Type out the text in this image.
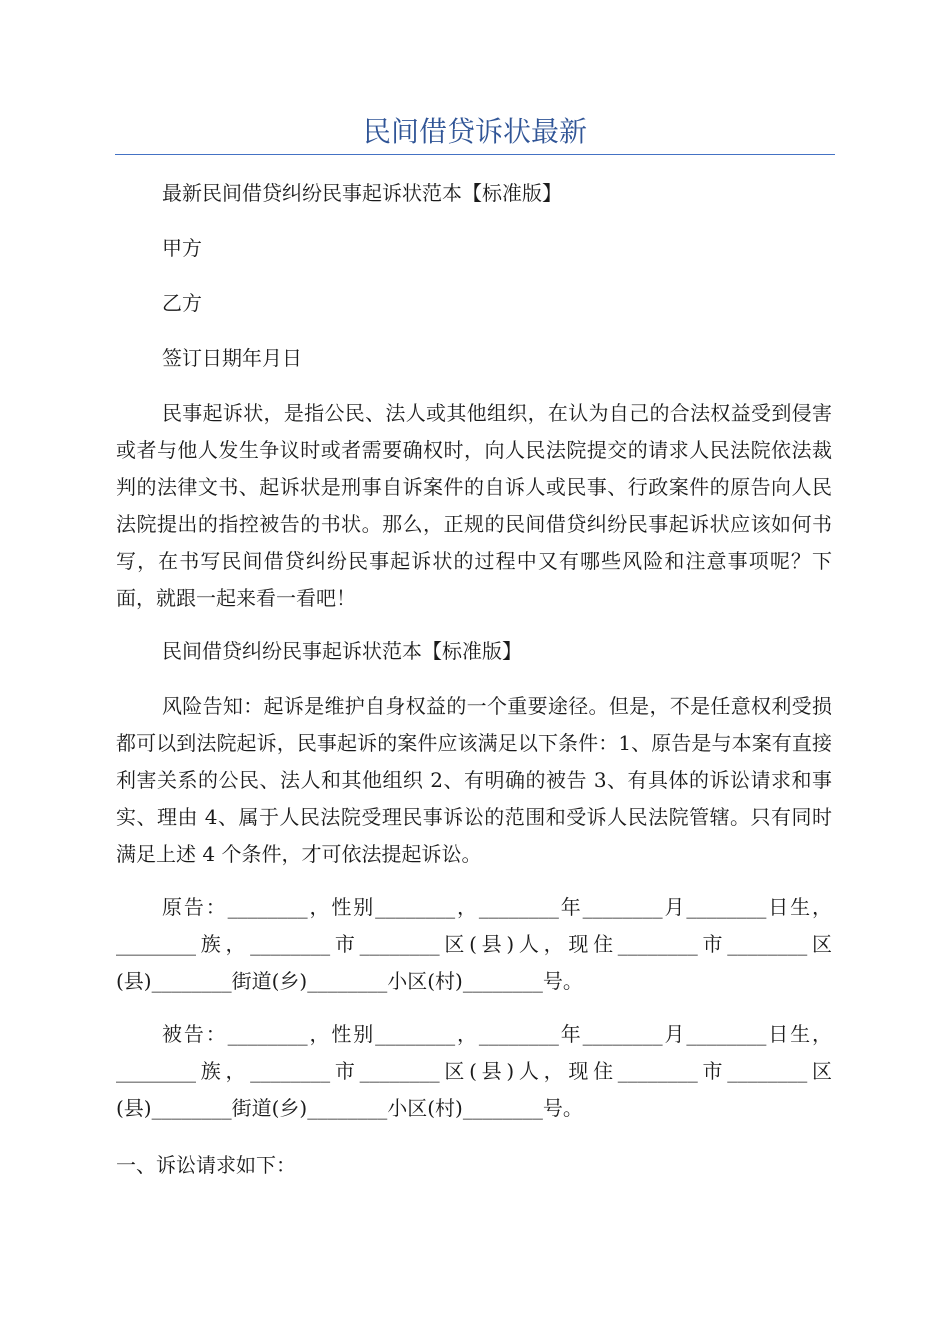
民间借贷诉状最新

最新民间借贷纠纷民事起诉状范本【标准版】

甲方

乙方

签订日期年月日

民事起诉状，是指公民、法人或其他组织，在认为自己的合法权益受到侵害或者与他人发生争议时或者需要确权时，向人民法院提交的请求人民法院依法裁判的法律文书、起诉状是刑事自诉案件的自诉人或民事、行政案件的原告向人民法院提出的指控被告的书状。那么，正规的民间借贷纠纷民事起诉状应该如何书写，在书写民间借贷纠纷民事起诉状的过程中又有哪些风险和注意事项呢？下面，就跟一起来看一看吧！

民间借贷纠纷民事起诉状范本【标准版】

风险告知：起诉是维护自身权益的一个重要途径。但是，不是任意权利受损都可以到法院起诉，民事起诉的案件应该满足以下条件：1、原告是与本案有直接利害关系的公民、法人和其他组织 2、有明确的被告 3、有具体的诉讼请求和事实、理由 4、属于人民法院受理民事诉讼的范围和受诉人民法院管辖。只有同时满足上述 4 个条件，才可依法提起诉讼。

原告：________，性别________，________年________月________日生，________族，________市________区(县)人，现住________市________区(县)________街道(乡)________小区(村)________号。

被告：________，性别________，________年________月________日生，________族，________市________区(县)人，现住________市________区(县)________街道(乡)________小区(村)________号。

一、诉讼请求如下：
